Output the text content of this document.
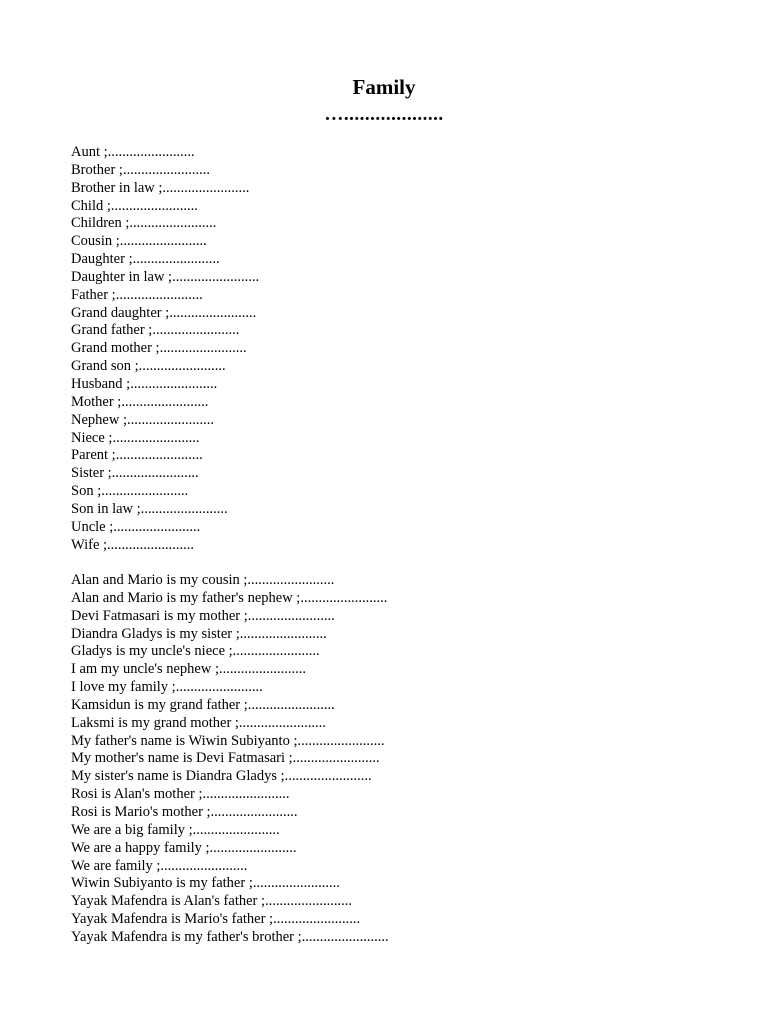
Family
…...................
Aunt ;........................
Brother ;........................
Brother in law ;........................
Child ;........................
Children ;........................
Cousin ;........................
Daughter ;........................
Daughter in law ;........................
Father ;........................
Grand daughter ;........................
Grand father ;........................
Grand mother ;........................
Grand son ;........................
Husband ;........................
Mother ;........................
Nephew ;........................
Niece ;........................
Parent ;........................
Sister ;........................
Son ;........................
Son in law ;........................
Uncle ;........................
Wife ;........................
Alan and Mario is my cousin ;........................
Alan and Mario is my father's nephew ;........................
Devi Fatmasari is my mother ;........................
Diandra Gladys is my sister ;........................
Gladys is my uncle's niece ;........................
I am my uncle's nephew ;........................
I love my family ;........................
Kamsidun is my grand father ;........................
Laksmi is my grand mother ;........................
My father's name is Wiwin Subiyanto ;........................
My mother's name is Devi Fatmasari ;........................
My sister's name is Diandra Gladys ;........................
Rosi is Alan's mother ;........................
Rosi is Mario's mother ;........................
We are a big family ;........................
We are a happy family ;........................
We are family ;........................
Wiwin Subiyanto is my father ;........................
Yayak Mafendra is Alan's father ;........................
Yayak Mafendra is Mario's father ;........................
Yayak Mafendra is my father's brother ;........................
